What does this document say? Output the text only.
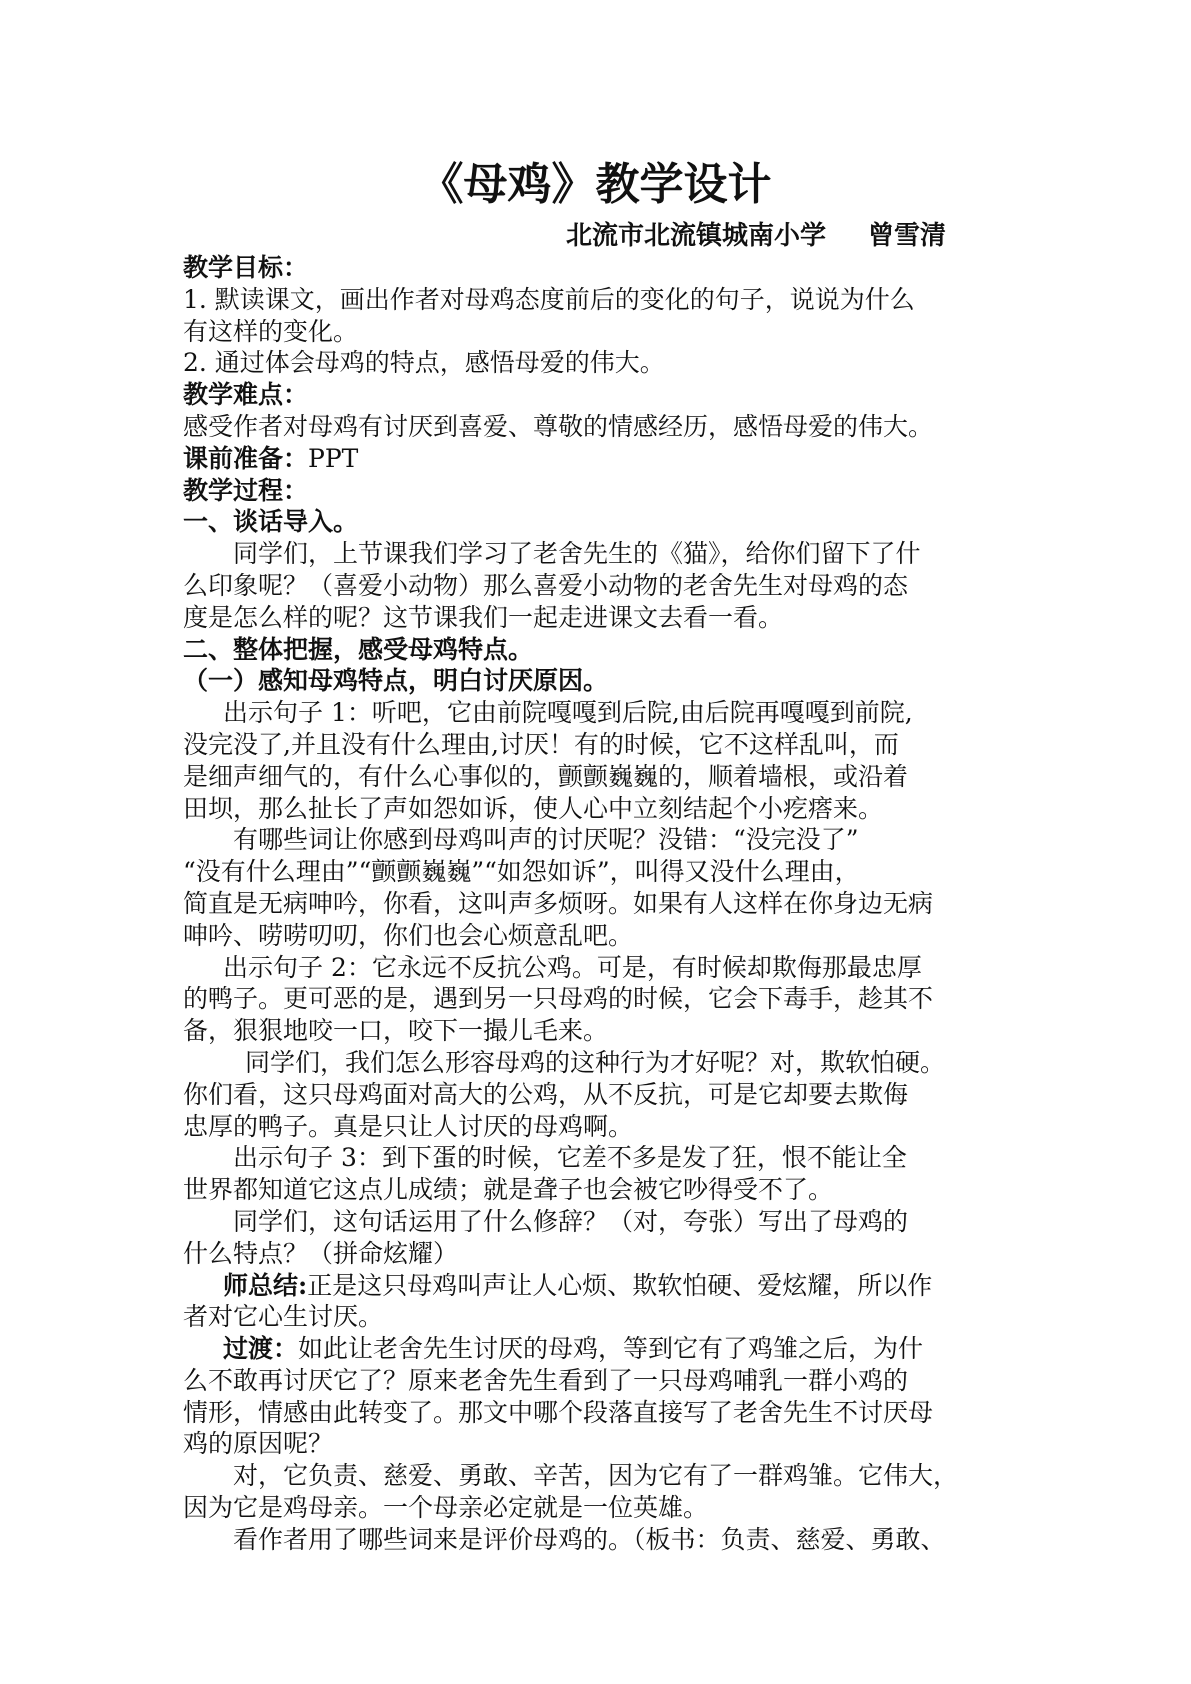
《母鸡》教学设计
北流市北流镇城南小学 曾雪清
教学目标：
1. 默读课文，画出作者对母鸡态度前后的变化的句子，说说为什么
有这样的变化。
2. 通过体会母鸡的特点，感悟母爱的伟大。
教学难点：
感受作者对母鸡有讨厌到喜爱、尊敬的情感经历，感悟母爱的伟大。
课前准备：PPT
教学过程：
一、谈话导入。
同学们，上节课我们学习了老舍先生的《猫》，给你们留下了什
么印象呢？（喜爱小动物）那么喜爱小动物的老舍先生对母鸡的态
度是怎么样的呢？这节课我们一起走进课文去看一看。
二、整体把握，感受母鸡特点。
（一）感知母鸡特点，明白讨厌原因。
出示句子 1：听吧，它由前院嘎嘎到后院,由后院再嘎嘎到前院,
没完没了,并且没有什么理由,讨厌！有的时候，它不这样乱叫，而
是细声细气的，有什么心事似的，颤颤巍巍的，顺着墙根，或沿着
田坝，那么扯长了声如怨如诉，使人心中立刻结起个小疙瘩来。
有哪些词让你感到母鸡叫声的讨厌呢？没错：“没完没了”
“没有什么理由”“颤颤巍巍”“如怨如诉”，叫得又没什么理由，
简直是无病呻吟，你看，这叫声多烦呀。如果有人这样在你身边无病
呻吟、唠唠叨叨，你们也会心烦意乱吧。
出示句子 2：它永远不反抗公鸡。可是，有时候却欺侮那最忠厚
的鸭子。更可恶的是，遇到另一只母鸡的时候，它会下毒手，趁其不
备，狠狠地咬一口，咬下一撮儿毛来。
同学们，我们怎么形容母鸡的这种行为才好呢？对，欺软怕硬。
你们看，这只母鸡面对高大的公鸡，从不反抗，可是它却要去欺侮
忠厚的鸭子。真是只让人讨厌的母鸡啊。
出示句子 3：到下蛋的时候，它差不多是发了狂，恨不能让全
世界都知道它这点儿成绩；就是聋子也会被它吵得受不了。
同学们，这句话运用了什么修辞？（对，夸张）写出了母鸡的
什么特点？（拼命炫耀）
师总结:正是这只母鸡叫声让人心烦、欺软怕硬、爱炫耀，所以作
者对它心生讨厌。
过渡：如此让老舍先生讨厌的母鸡，等到它有了鸡雏之后，为什
么不敢再讨厌它了？原来老舍先生看到了一只母鸡哺乳一群小鸡的
情形，情感由此转变了。那文中哪个段落直接写了老舍先生不讨厌母
鸡的原因呢？
对，它负责、慈爱、勇敢、辛苦，因为它有了一群鸡雏。它伟大，
因为它是鸡母亲。一个母亲必定就是一位英雄。
看作者用了哪些词来是评价母鸡的。（板书：负责、慈爱、勇敢、
